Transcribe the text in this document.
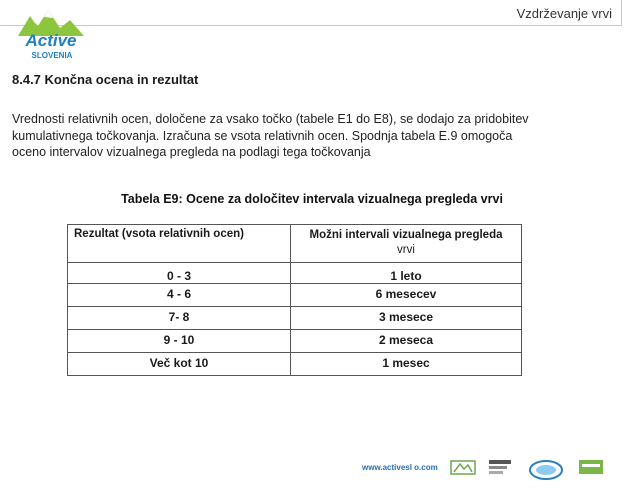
Vzdrževanje vrvi
Active
SLOVENIA
8.4.7 Končna ocena in rezultat
Vrednosti relativnih ocen, določene za vsako točko (tabele E1 do E8), se dodajo za pridobitev
kumulativnega točkovanja. Izračuna se vsota relativnih ocen. Spodnja tabela E.9 omogoča
oceno intervalov vizualnega pregleda na podlagi tega točkovanja
Tabela E9: Ocene za določitev intervala vizualnega pregleda vrvi
Rezultat (vsota relativnih ocen)	Možni intervali vizualnega pregleda
vrvi

0 - 3	1 leto
4 - 6	6 mesecev
7- 8	3 mesece
9 - 10	2 meseca
Več kot 10	1 mesec
www.activesl o.com
